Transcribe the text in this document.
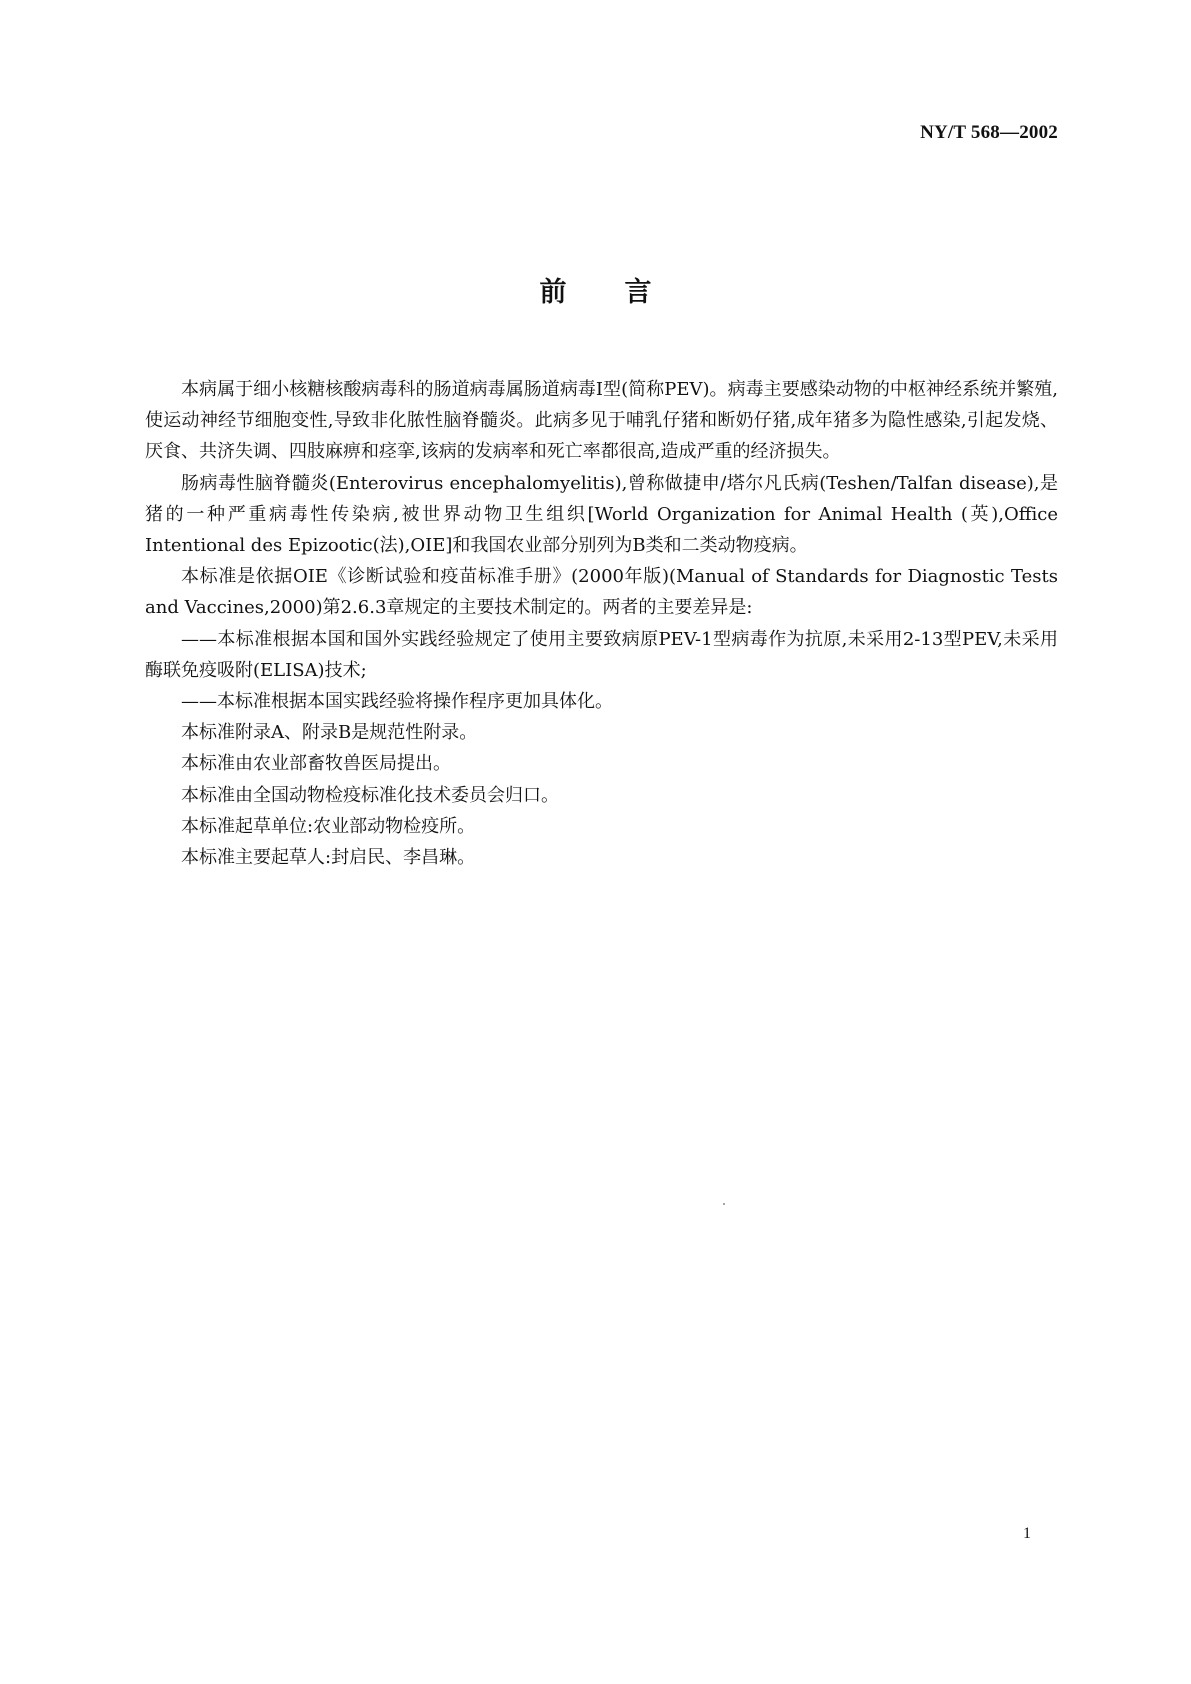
NY/T 568—2002
前言

本病属于细小核糖核酸病毒科的肠道病毒属肠道病毒Ⅰ型(简称PEV)。病毒主要感染动物的中枢神经系统并繁殖,使运动神经节细胞变性,导致非化脓性脑脊髓炎。此病多见于哺乳仔猪和断奶仔猪,成年猪多为隐性感染,引起发烧、厌食、共济失调、四肢麻痹和痉挛,该病的发病率和死亡率都很高,造成严重的经济损失。

肠病毒性脑脊髓炎(Enterovirus encephalomyelitis),曾称做捷申/塔尔凡氏病(Teshen/Talfan disease),是猪的一种严重病毒性传染病,被世界动物卫生组织[World Organization for Animal Health (英),Office Intentional des Epizootic(法),OIE]和我国农业部分别列为B类和二类动物疫病。

本标准是依据OIE《诊断试验和疫苗标准手册》(2000年版)(Manual of Standards for Diagnostic Tests and Vaccines,2000)第2.6.3章规定的主要技术制定的。两者的主要差异是:

——本标准根据本国和国外实践经验规定了使用主要致病原PEV-1型病毒作为抗原,未采用2-13型PEV,未采用酶联免疫吸附(ELISA)技术;

——本标准根据本国实践经验将操作程序更加具体化。

本标准附录A、附录B是规范性附录。

本标准由农业部畜牧兽医局提出。

本标准由全国动物检疫标准化技术委员会归口。

本标准起草单位:农业部动物检疫所。

本标准主要起草人:封启民、李昌琳。

1
